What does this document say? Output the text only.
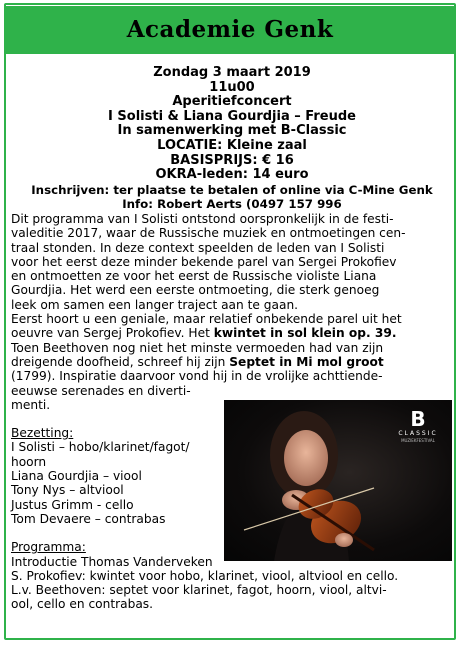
Academie Genk
Zondag 3 maart 2019
11u00
Aperitiefconcert
I Solisti & Liana Gourdjia – Freude
In samenwerking met B-Classic
LOCATIE: Kleine zaal
BASISPRIJS: € 16
OKRA-leden: 14 euro
Inschrijven: ter plaatse te betalen of online via C-Mine Genk
Info: Robert Aerts (0497 157 996
Dit programma van I Solisti ontstond oorspronkelijk in de festi-
valeditie 2017, waar de Russische muziek en ontmoetingen cen-
traal stonden. In deze context speelden de leden van I Solisti
voor het eerst deze minder bekende parel van Sergei Prokofiev
en ontmoetten ze voor het eerst de Russische violiste Liana
Gourdjia. Het werd een eerste ontmoeting, die sterk genoeg
leek om samen een langer traject aan te gaan.
Eerst hoort u een geniale, maar relatief onbekende parel uit het
oeuvre van Sergej Prokofiev. Het kwintet in sol klein op. 39.
Toen Beethoven nog niet het minste vermoeden had van zijn
dreigende doofheid, schreef hij zijn Septet in Mi mol groot
(1799). Inspiratie daarvoor vond hij in de vrolijke achttiende-
eeuwse serenades en diverti-
menti.
Bezetting:
I Solisti – hobo/klarinet/fagot/
hoorn
Liana Gourdjia – viool
Tony Nys – altviool
Justus Grimm - cello
Tom Devaere – contrabas
Programma:
Introductie Thomas Vanderveken
S. Prokofiev: kwintet voor hobo, klarinet, viool, altviool en cello.
L.v. Beethoven: septet voor klarinet, fagot, hoorn, viool, altvi-
ool, cello en contrabas.
B
CLASSIC
MUZIEKFESTIVAL
